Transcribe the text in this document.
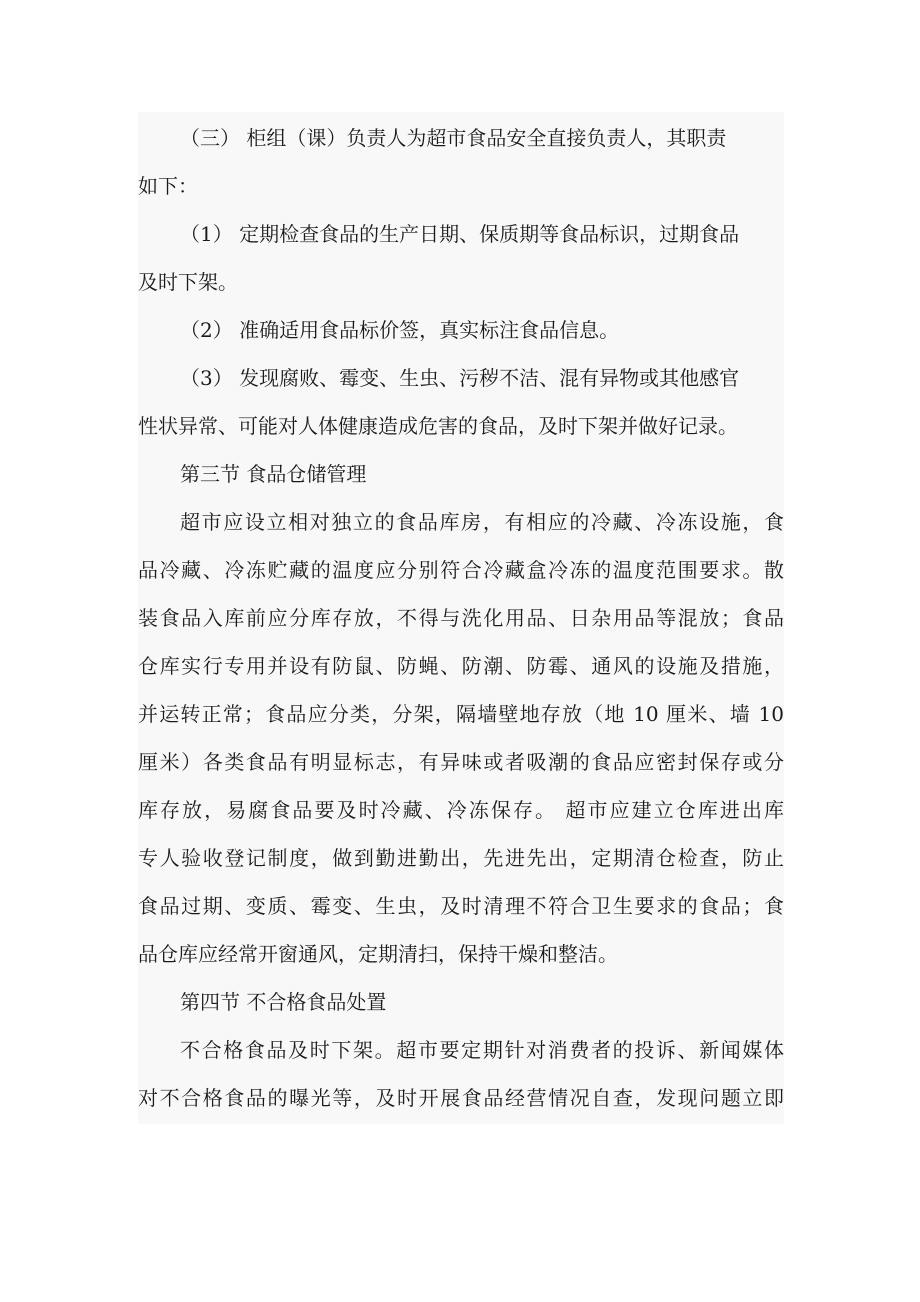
（三） 柜组（课）负责人为超市食品安全直接负责人，其职责
如下：
（1） 定期检查食品的生产日期、保质期等食品标识，过期食品
及时下架。
（2） 准确适用食品标价签，真实标注食品信息。
（3） 发现腐败、霉变、生虫、污秽不洁、混有异物或其他感官
性状异常、可能对人体健康造成危害的食品，及时下架并做好记录。
第三节 食品仓储管理
超市应设立相对独立的食品库房，有相应的冷藏、冷冻设施，食
品冷藏、冷冻贮藏的温度应分别符合冷藏盒冷冻的温度范围要求。散
装食品入库前应分库存放，不得与洗化用品、日杂用品等混放；食品
仓库实行专用并设有防鼠、防蝇、防潮、防霉、通风的设施及措施，
并运转正常；食品应分类，分架，隔墙壁地存放（地 10 厘米、墙 10
厘米）各类食品有明显标志，有异味或者吸潮的食品应密封保存或分
库存放，易腐食品要及时冷藏、冷冻保存。 超市应建立仓库进出库
专人验收登记制度，做到勤进勤出，先进先出，定期清仓检查，防止
食品过期、变质、霉变、生虫，及时清理不符合卫生要求的食品；食
品仓库应经常开窗通风，定期清扫，保持干燥和整洁。
第四节 不合格食品处置
不合格食品及时下架。超市要定期针对消费者的投诉、新闻媒体
对不合格食品的曝光等，及时开展食品经营情况自查，发现问题立即
